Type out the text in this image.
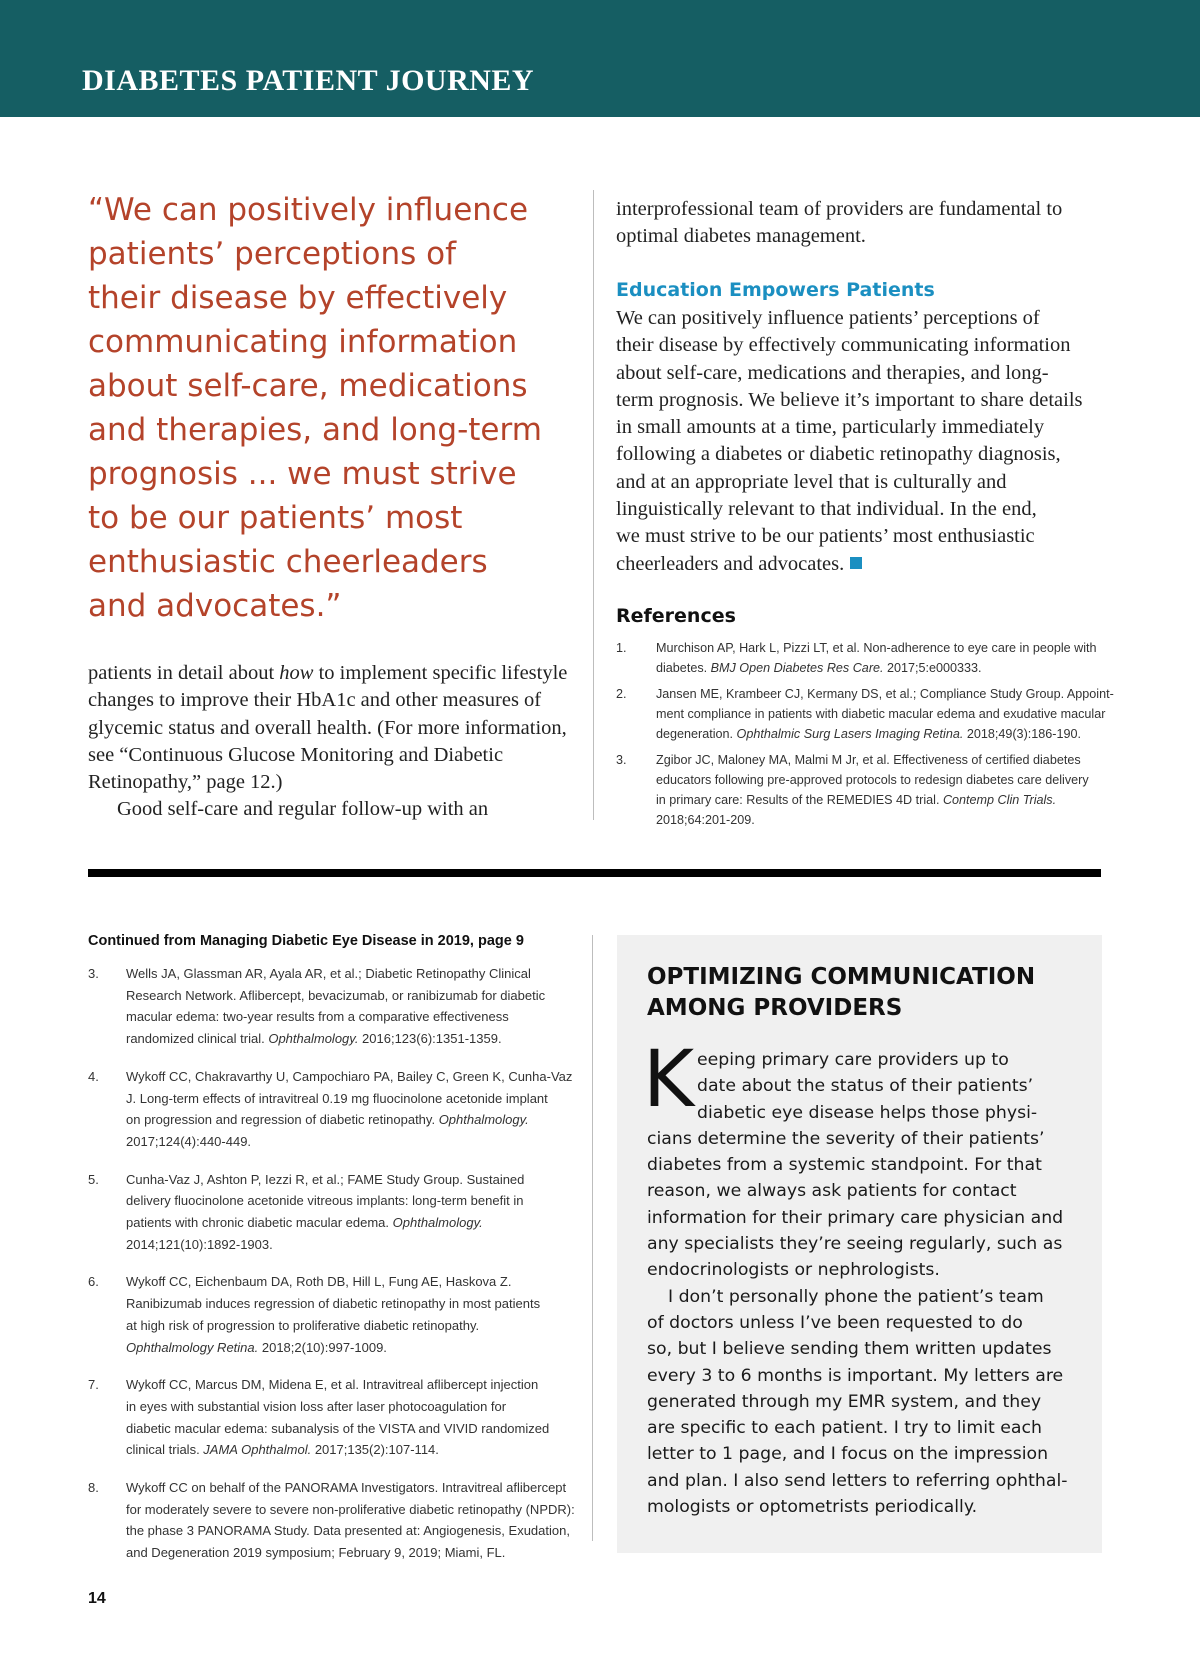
DIABETES PATIENT JOURNEY
“We can positively influence
patients’ perceptions of
their disease by effectively
communicating information
about self-care, medications
and therapies, and long-term
prognosis ... we must strive
to be our patients’ most
enthusiastic cheerleaders
and advocates.”
patients in detail about how to implement specific lifestyle
changes to improve their HbA1c and other measures of
glycemic status and overall health. (For more information,
see “Continuous Glucose Monitoring and Diabetic
Retinopathy,” page 12.)
Good self-care and regular follow-up with an
interprofessional team of providers are fundamental to
optimal diabetes management.
Education Empowers Patients
We can positively influence patients’ perceptions of
their disease by effectively communicating information
about self-care, medications and therapies, and long-
term prognosis. We believe it’s important to share details
in small amounts at a time, particularly immediately
following a diabetes or diabetic retinopathy diagnosis,
and at an appropriate level that is culturally and
linguistically relevant to that individual. In the end,
we must strive to be our patients’ most enthusiastic
cheerleaders and advocates.
References
1. Murchison AP, Hark L, Pizzi LT, et al. Non-adherence to eye care in people with
diabetes. BMJ Open Diabetes Res Care. 2017;5:e000333.
2. Jansen ME, Krambeer CJ, Kermany DS, et al.; Compliance Study Group. Appoint-
ment compliance in patients with diabetic macular edema and exudative macular
degeneration. Ophthalmic Surg Lasers Imaging Retina. 2018;49(3):186-190.
3. Zgibor JC, Maloney MA, Malmi M Jr, et al. Effectiveness of certified diabetes
educators following pre-approved protocols to redesign diabetes care delivery
in primary care: Results of the REMEDIES 4D trial. Contemp Clin Trials.
2018;64:201-209.
Continued from Managing Diabetic Eye Disease in 2019, page 9
3. Wells JA, Glassman AR, Ayala AR, et al.; Diabetic Retinopathy Clinical
Research Network. Aflibercept, bevacizumab, or ranibizumab for diabetic
macular edema: two-year results from a comparative effectiveness
randomized clinical trial. Ophthalmology. 2016;123(6):1351-1359.
4. Wykoff CC, Chakravarthy U, Campochiaro PA, Bailey C, Green K, Cunha-Vaz
J. Long-term effects of intravitreal 0.19 mg fluocinolone acetonide implant
on progression and regression of diabetic retinopathy. Ophthalmology.
2017;124(4):440-449.
5. Cunha-Vaz J, Ashton P, Iezzi R, et al.; FAME Study Group. Sustained
delivery fluocinolone acetonide vitreous implants: long-term benefit in
patients with chronic diabetic macular edema. Ophthalmology.
2014;121(10):1892-1903.
6. Wykoff CC, Eichenbaum DA, Roth DB, Hill L, Fung AE, Haskova Z.
Ranibizumab induces regression of diabetic retinopathy in most patients
at high risk of progression to proliferative diabetic retinopathy.
Ophthalmology Retina. 2018;2(10):997-1009.
7. Wykoff CC, Marcus DM, Midena E, et al. Intravitreal aflibercept injection
in eyes with substantial vision loss after laser photocoagulation for
diabetic macular edema: subanalysis of the VISTA and VIVID randomized
clinical trials. JAMA Ophthalmol. 2017;135(2):107-114.
8. Wykoff CC on behalf of the PANORAMA Investigators. Intravitreal aflibercept
for moderately severe to severe non-proliferative diabetic retinopathy (NPDR):
the phase 3 PANORAMA Study. Data presented at: Angiogenesis, Exudation,
and Degeneration 2019 symposium; February 9, 2019; Miami, FL.
OPTIMIZING COMMUNICATION
AMONG PROVIDERS
K eeping primary care providers up to
date about the status of their patients’
diabetic eye disease helps those physi-
cians determine the severity of their patients’
diabetes from a systemic standpoint. For that
reason, we always ask patients for contact
information for their primary care physician and
any specialists they’re seeing regularly, such as
endocrinologists or nephrologists.
I don’t personally phone the patient’s team
of doctors unless I’ve been requested to do
so, but I believe sending them written updates
every 3 to 6 months is important. My letters are
generated through my EMR system, and they
are specific to each patient. I try to limit each
letter to 1 page, and I focus on the impression
and plan. I also send letters to referring ophthal-
mologists or optometrists periodically.
14
